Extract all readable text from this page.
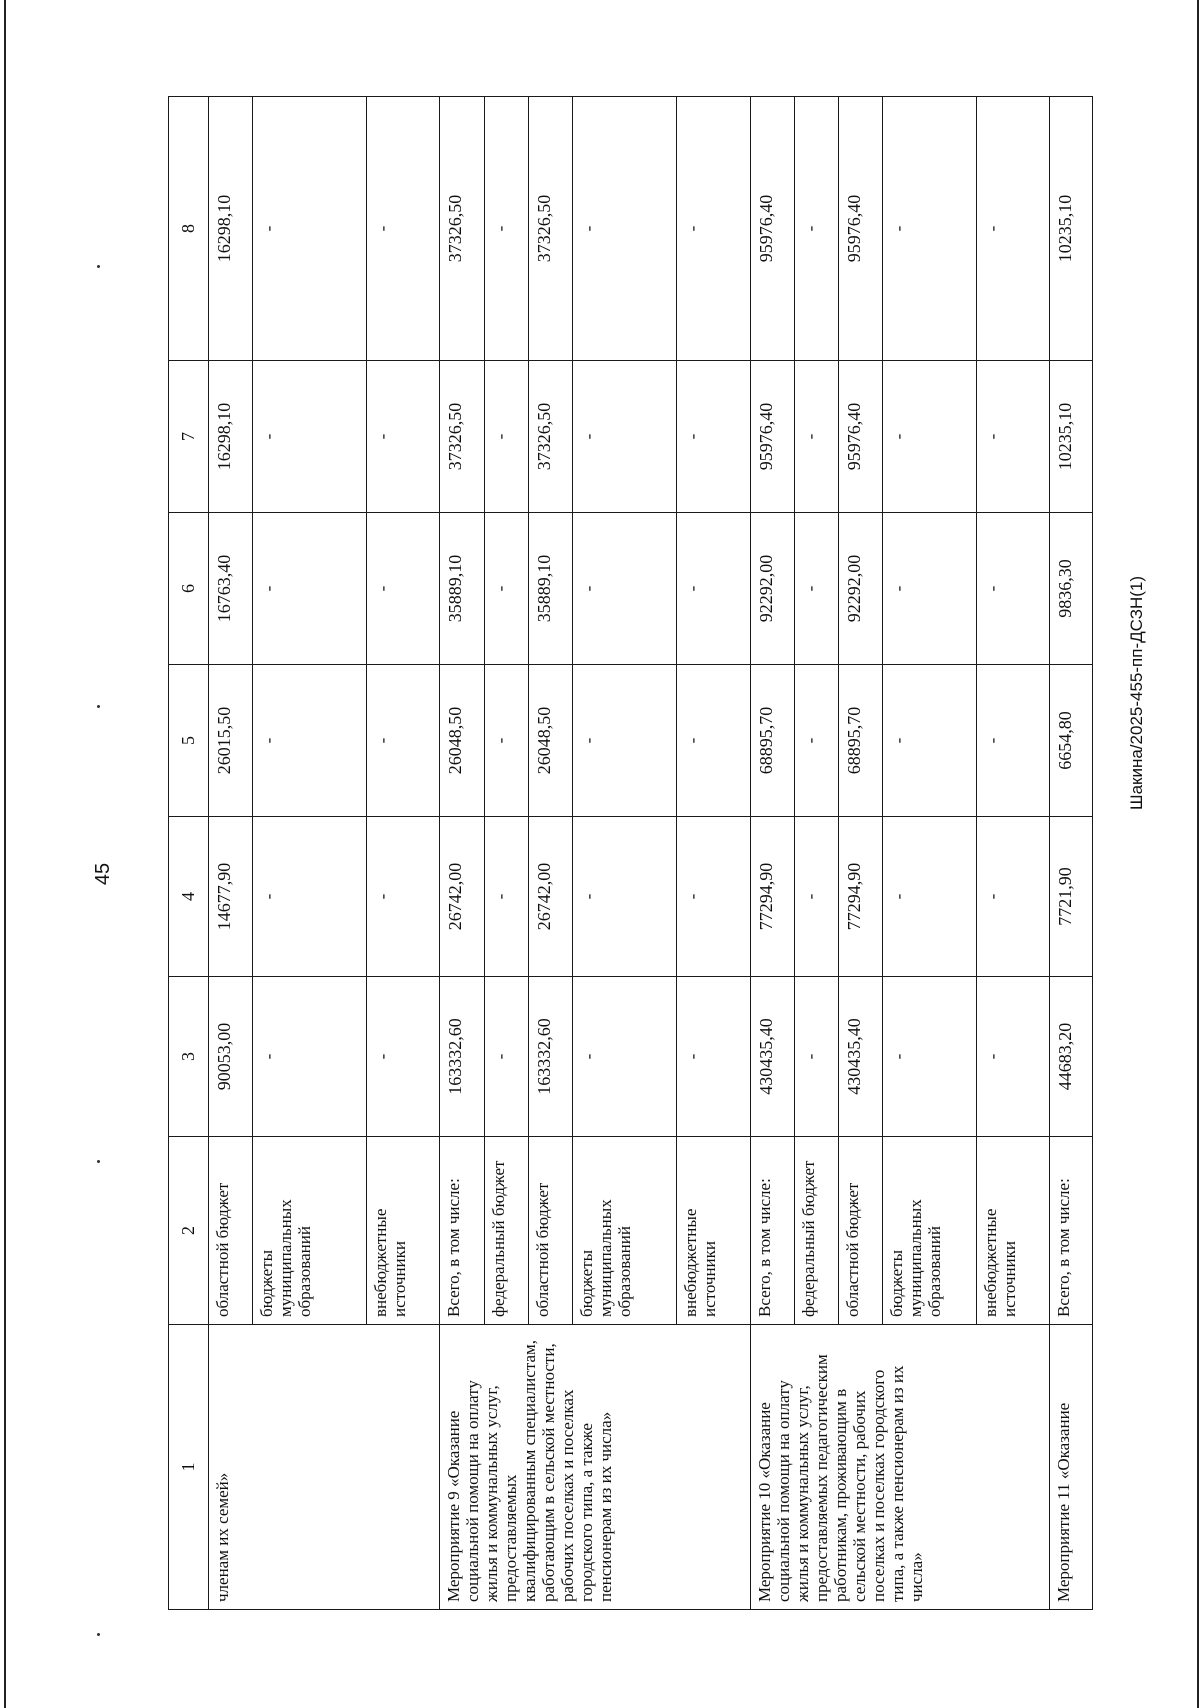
45
Шакина/2025-455-пп-ДСЗН(1)
1	2	3	4	5	6	7	8
членам их семей»	областной бюджет	90053,00	14677,90	26015,50	16763,40	16298,10	16298,10
	бюджеты муниципальных образований	-	-	-	-	-	-
	внебюджетные источники	-	-	-	-	-	-
Мероприятие 9 «Оказание социальной помощи на оплату жилья и коммунальных услуг, предоставляемых квалифицированным специалистам, работающим в сельской местности, рабочих поселках и поселках городского типа, а также пенсионерам из их числа»	Всего, в том числе:	163332,60	26742,00	26048,50	35889,10	37326,50	37326,50
	федеральный бюджет	-	-	-	-	-	-
	областной бюджет	163332,60	26742,00	26048,50	35889,10	37326,50	37326,50
	бюджеты муниципальных образований	-	-	-	-	-	-
	внебюджетные источники	-	-	-	-	-	-
Мероприятие 10 «Оказание социальной помощи на оплату жилья и коммунальных услуг, предоставляемых педагогическим работникам, проживающим в сельской местности, рабочих поселках и поселках городского типа, а также пенсионерам из их числа»	Всего, в том числе:	430435,40	77294,90	68895,70	92292,00	95976,40	95976,40
	федеральный бюджет	-	-	-	-	-	-
	областной бюджет	430435,40	77294,90	68895,70	92292,00	95976,40	95976,40
	бюджеты муниципальных образований	-	-	-	-	-	-
	внебюджетные источники	-	-	-	-	-	-
Мероприятие 11 «Оказание	Всего, в том числе:	44683,20	7721,90	6654,80	9836,30	10235,10	10235,10
